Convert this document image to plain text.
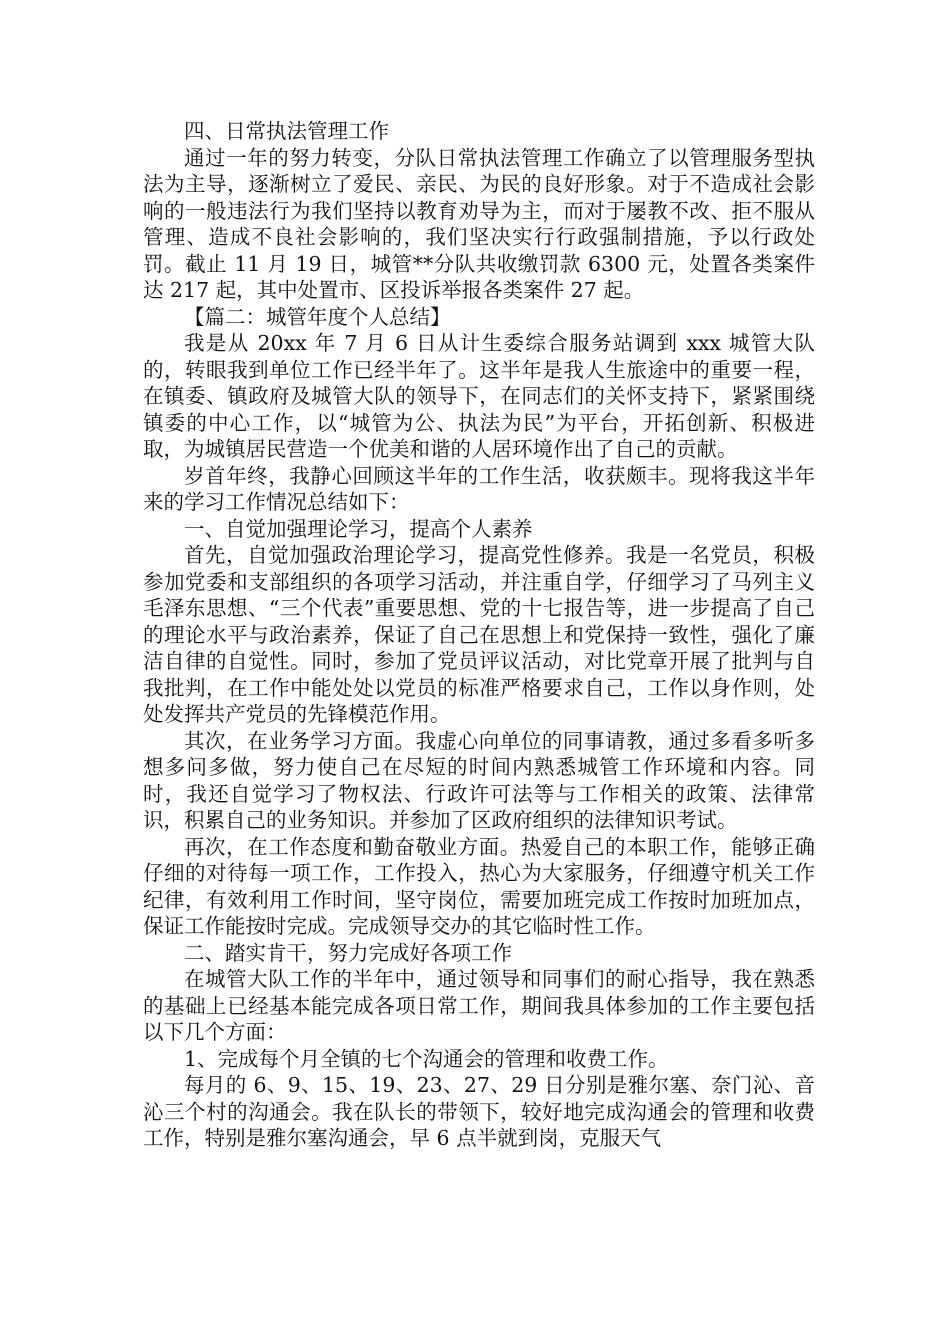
四、日常执法管理工作

通过一年的努力转变，分队日常执法管理工作确立了以管理服务型执法为主导，逐渐树立了爱民、亲民、为民的良好形象。对于不造成社会影响的一般违法行为我们坚持以教育劝导为主，而对于屡教不改、拒不服从管理、造成不良社会影响的，我们坚决实行行政强制措施，予以行政处罚。截止 11 月 19 日，城管**分队共收缴罚款 6300 元，处置各类案件达 217 起，其中处置市、区投诉举报各类案件 27 起。

【篇二：城管年度个人总结】

我是从 20xx 年 7 月 6 日从计生委综合服务站调到 xxx 城管大队的，转眼我到单位工作已经半年了。这半年是我人生旅途中的重要一程，在镇委、镇政府及城管大队的领导下，在同志们的关怀支持下，紧紧围绕镇委的中心工作，以“城管为公、执法为民”为平台，开拓创新、积极进取，为城镇居民营造一个优美和谐的人居环境作出了自己的贡献。

岁首年终，我静心回顾这半年的工作生活，收获颇丰。现将我这半年来的学习工作情况总结如下：

一、自觉加强理论学习，提高个人素养

首先，自觉加强政治理论学习，提高党性修养。我是一名党员，积极参加党委和支部组织的各项学习活动，并注重自学，仔细学习了马列主义毛泽东思想、“三个代表”重要思想、党的十七报告等，进一步提高了自己的理论水平与政治素养，保证了自己在思想上和党保持一致性，强化了廉洁自律的自觉性。同时，参加了党员评议活动，对比党章开展了批判与自我批判，在工作中能处处以党员的标准严格要求自己，工作以身作则，处处发挥共产党员的先锋模范作用。

其次，在业务学习方面。我虚心向单位的同事请教，通过多看多听多想多问多做，努力使自己在尽短的时间内熟悉城管工作环境和内容。同时，我还自觉学习了物权法、行政许可法等与工作相关的政策、法律常识，积累自己的业务知识。并参加了区政府组织的法律知识考试。

再次，在工作态度和勤奋敬业方面。热爱自己的本职工作，能够正确仔细的对待每一项工作，工作投入，热心为大家服务，仔细遵守机关工作纪律，有效利用工作时间，坚守岗位，需要加班完成工作按时加班加点，保证工作能按时完成。完成领导交办的其它临时性工作。

二、踏实肯干，努力完成好各项工作

在城管大队工作的半年中，通过领导和同事们的耐心指导，我在熟悉的基础上已经基本能完成各项日常工作，期间我具体参加的工作主要包括以下几个方面：

1、完成每个月全镇的七个沟通会的管理和收费工作。

每月的 6、9、15、19、23、27、29 日分别是雅尔塞、奈门沁、音沁三个村的沟通会。我在队长的带领下，较好地完成沟通会的管理和收费工作，特别是雅尔塞沟通会，早 6 点半就到岗，克服天气
